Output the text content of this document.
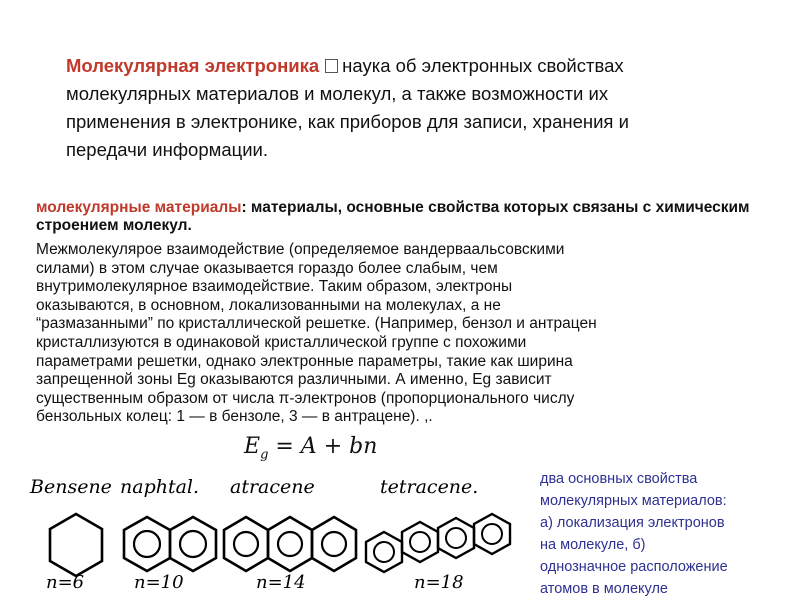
Молекулярная электроника наука об электронных свойствах
молекулярных материалов и молекул, а также возможности их
применения в электронике, как приборов для записи, хранения и
передачи информации.
молекулярные материалы: материалы, основные свойства которых связаны с химическим строением молекул.
Межмолекулярое взаимодействие (определяемое вандерваальсовскими
силами) в этом случае оказывается гораздо более слабым, чем
внутримолекулярное взаимодействие. Таким образом, электроны
оказываются, в основном, локализованными на молекулах, а не
“размазанными” по кристаллической решетке. (Например, бензол и антрацен
кристаллизуются в одинаковой кристаллической группе с похожими
параметрами решетки, однако электронные параметры, такие как ширина
запрещенной зоны Eg оказываются различными. А именно, Eg зависит
существенным образом от числа π-электронов (пропорционального числу
бензольных колец: 1 — в бензоле, 3 — в антрацене). ,.
$E_g = A$ + bn
Bensene
n=6
naphtal.
n=10
atracene
n=14
tetracene.
n=18
два основных свойства
молекулярных материалов:
а) локализация электронов
на молекуле, б)
однозначное расположение
атомов в молекуле
